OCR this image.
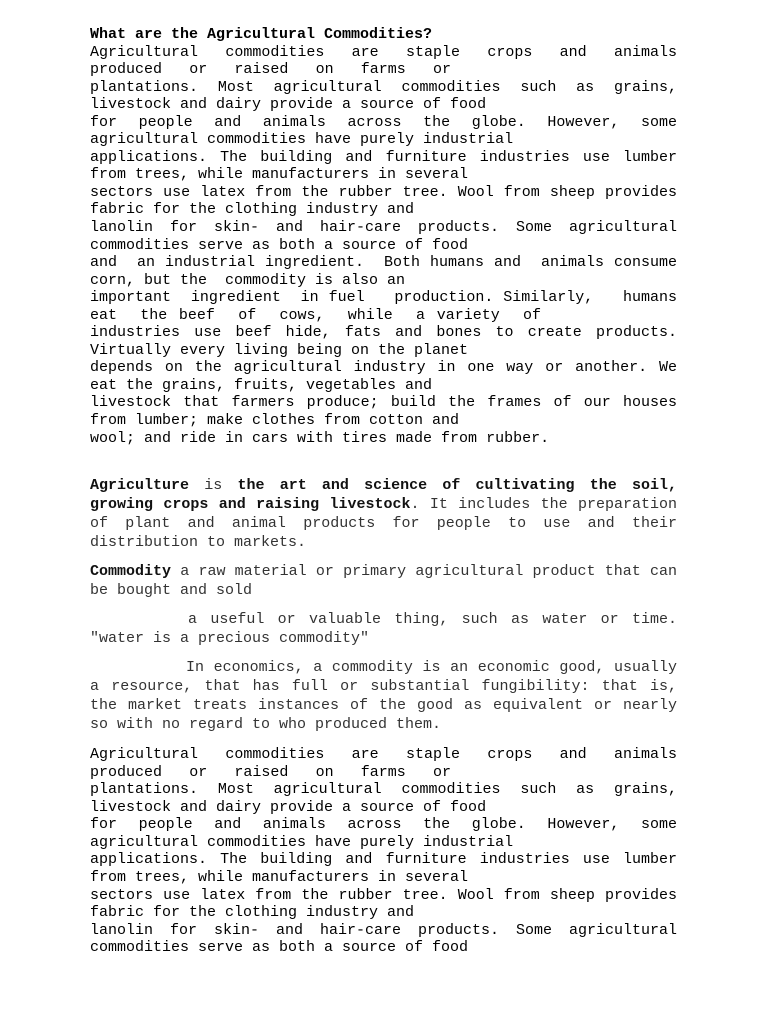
What are the Agricultural Commodities?
Agricultural commodities are staple crops and animals
produced or raised on farms or
plantations. Most agricultural commodities such as grains,
livestock and dairy provide a source of food
for people and animals across the globe. However, some
agricultural commodities have purely industrial
applications. The building and furniture industries use lumber
from trees, while manufacturers in several
sectors use latex from the rubber tree. Wool from sheep provides
fabric for the clothing industry and
lanolin for skin- and hair-care products. Some agricultural
commodities serve as both a source of food
and  an industrial ingredient.  Both humans and  animals consume
corn, but the  commodity is also an
important  ingredient  in fuel   production. Similarly,   humans
eat  the beef  of  cows,  while  a variety  of
industries use beef hide, fats and bones to create products.
Virtually every living being on the planet
depends on the agricultural industry in one way or another. We
eat the grains, fruits, vegetables and
livestock that farmers produce; build the frames of our houses
from lumber; make clothes from cotton and
wool; and ride in cars with tires made from rubber.

Agriculture is the art and science of cultivating the soil, growing crops and raising livestock. It includes the preparation of plant and animal products for people to use and their distribution to markets.

Commodity a raw material or primary agricultural product that can be bought and sold

a useful or valuable thing, such as water or time. "water is a precious commodity"

In economics, a commodity is an economic good, usually a resource, that has full or substantial fungibility: that is, the market treats instances of the good as equivalent or nearly so with no regard to who produced them.

Agricultural commodities are staple crops and animals
produced or raised on farms or
plantations. Most agricultural commodities such as grains,
livestock and dairy provide a source of food
for people and animals across the globe. However, some
agricultural commodities have purely industrial
applications. The building and furniture industries use lumber
from trees, while manufacturers in several
sectors use latex from the rubber tree. Wool from sheep provides
fabric for the clothing industry and
lanolin for skin- and hair-care products. Some agricultural
commodities serve as both a source of food
